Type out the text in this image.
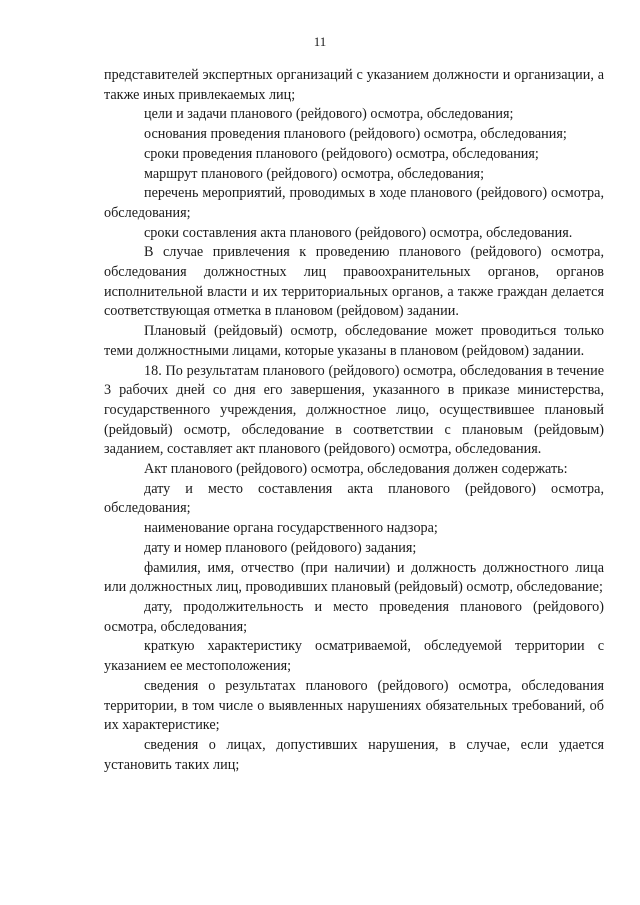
11

представителей экспертных организаций с указанием должности и организации, а также иных привлекаемых лиц;

цели и задачи планового (рейдового) осмотра, обследования;

основания проведения планового (рейдового) осмотра, обследования;

сроки проведения планового (рейдового) осмотра, обследования;

маршрут планового (рейдового) осмотра, обследования;

перечень мероприятий, проводимых в ходе планового (рейдового) осмотра, обследования;

сроки составления акта планового (рейдового) осмотра, обследования.

В случае привлечения к проведению планового (рейдового) осмотра, обследования должностных лиц правоохранительных органов, органов исполнительной власти и их территориальных органов, а также граждан делается соответствующая отметка в плановом (рейдовом) задании.

Плановый (рейдовый) осмотр, обследование может проводиться только теми должностными лицами, которые указаны в плановом (рейдовом) задании.

18. По результатам планового (рейдового) осмотра, обследования в течение 3 рабочих дней со дня его завершения, указанного в приказе министерства, государственного учреждения, должностное лицо, осуществившее плановый (рейдовый) осмотр, обследование в соответствии с плановым (рейдовым) заданием, составляет акт планового (рейдового) осмотра, обследования.

Акт планового (рейдового) осмотра, обследования должен содержать:

дату и место составления акта планового (рейдового) осмотра, обследования;

наименование органа государственного надзора;

дату и номер планового (рейдового) задания;

фамилия, имя, отчество (при наличии) и должность должностного лица или должностных лиц, проводивших плановый (рейдовый) осмотр, обследование;

дату, продолжительность и место проведения планового (рейдового) осмотра, обследования;

краткую характеристику осматриваемой, обследуемой территории с указанием ее местоположения;

сведения о результатах планового (рейдового) осмотра, обследования территории, в том числе о выявленных нарушениях обязательных требований, об их характеристике;

сведения о лицах, допустивших нарушения, в случае, если удается установить таких лиц;
